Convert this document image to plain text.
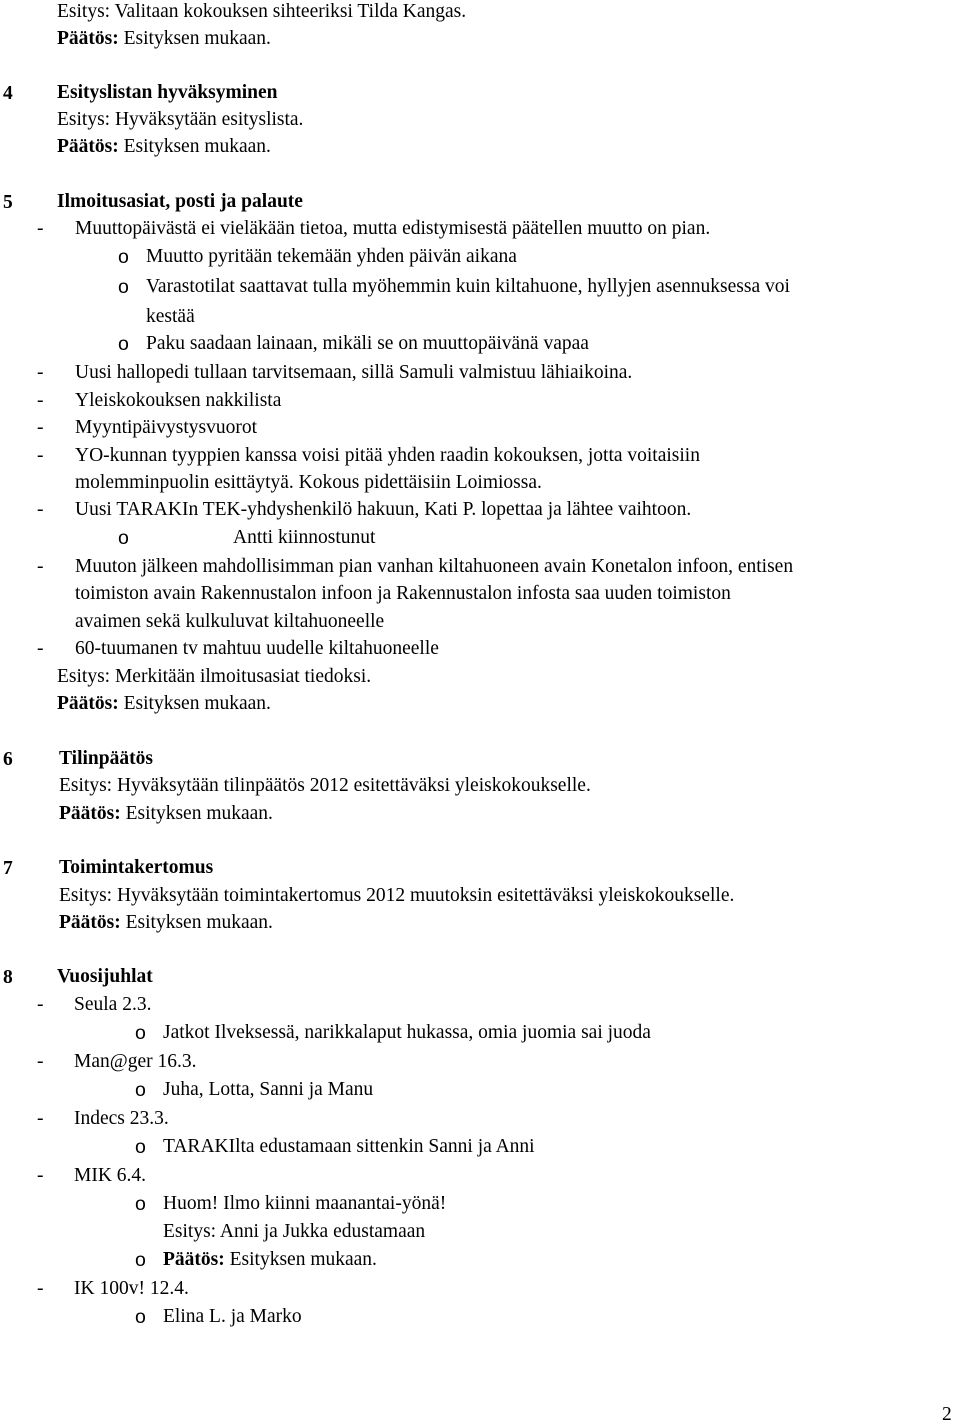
Esitys: Valitaan kokouksen sihteeriksi Tilda Kangas.
Päätös: Esityksen mukaan.
4 Esityslistan hyväksyminen
Esitys: Hyväksytään esityslista.
Päätös: Esityksen mukaan.
5 Ilmoitusasiat, posti ja palaute
- Muuttopäivästä ei vieläkään tietoa, mutta edistymisestä päätellen muutto on pian.
o Muutto pyritään tekemään yhden päivän aikana
o Varastotilat saattavat tulla myöhemmin kuin kiltahuone, hyllyjen asennuksessa voi
kestää
o Paku saadaan lainaan, mikäli se on muuttopäivänä vapaa
- Uusi hallopedi tullaan tarvitsemaan, sillä Samuli valmistuu lähiaikoina.
- Yleiskokouksen nakkilista
- Myyntipäivystysvuorot
- YO-kunnan tyyppien kanssa voisi pitää yhden raadin kokouksen, jotta voitaisiin
molemminpuolin esittäytyä. Kokous pidettäisiin Loimiossa.
- Uusi TARAKIn TEK-yhdyshenkilö hakuun, Kati P. lopettaa ja lähtee vaihtoon.
o	Antti kiinnostunut
- Muuton jälkeen mahdollisimman pian vanhan kiltahuoneen avain Konetalon infoon, entisen
toimiston avain Rakennustalon infoon ja Rakennustalon infosta saa uuden toimiston
avaimen sekä kulkuluvat kiltahuoneelle
- 60-tuumanen tv mahtuu uudelle kiltahuoneelle
Esitys: Merkitään ilmoitusasiat tiedoksi.
Päätös: Esityksen mukaan.
6 Tilinpäätös
Esitys: Hyväksytään tilinpäätös 2012 esitettäväksi yleiskokoukselle.
Päätös: Esityksen mukaan.
7 Toimintakertomus
Esitys: Hyväksytään toimintakertomus 2012 muutoksin esitettäväksi yleiskokoukselle.
Päätös: Esityksen mukaan.
8 Vuosijuhlat
- Seula 2.3.
o Jatkot Ilveksessä, narikkalaput hukassa, omia juomia sai juoda
- Man@ger 16.3.
o Juha, Lotta, Sanni ja Manu
- Indecs 23.3.
o TARAKIlta edustamaan sittenkin Sanni ja Anni
- MIK 6.4.
o Huom! Ilmo kiinni maanantai-yönä!
Esitys: Anni ja Jukka edustamaan
o Päätös: Esityksen mukaan.
- IK 100v! 12.4.
o Elina L. ja Marko
2
